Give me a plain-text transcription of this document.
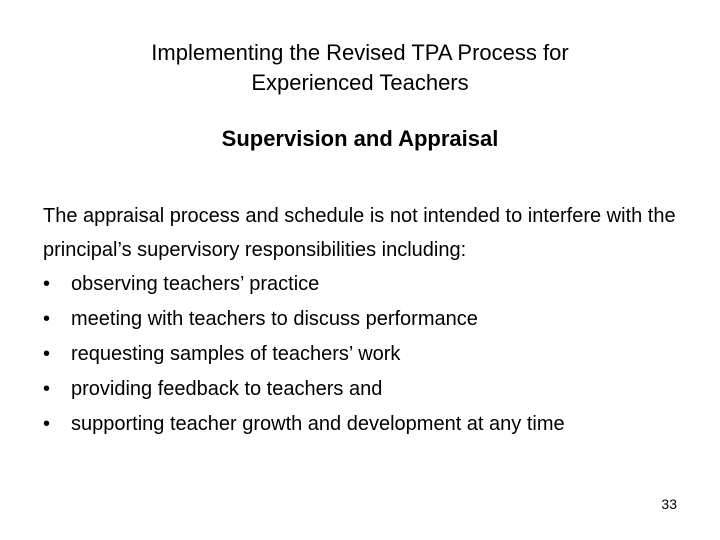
Implementing the Revised TPA Process for
Experienced Teachers
Supervision and Appraisal

The appraisal process and schedule is not intended to interfere with the

principal’s supervisory responsibilities including:

•	observing teachers’ practice
•	meeting with teachers to discuss performance
•	requesting samples of teachers’ work
•	providing feedback to teachers and
•	supporting teacher growth and development at any time
33
